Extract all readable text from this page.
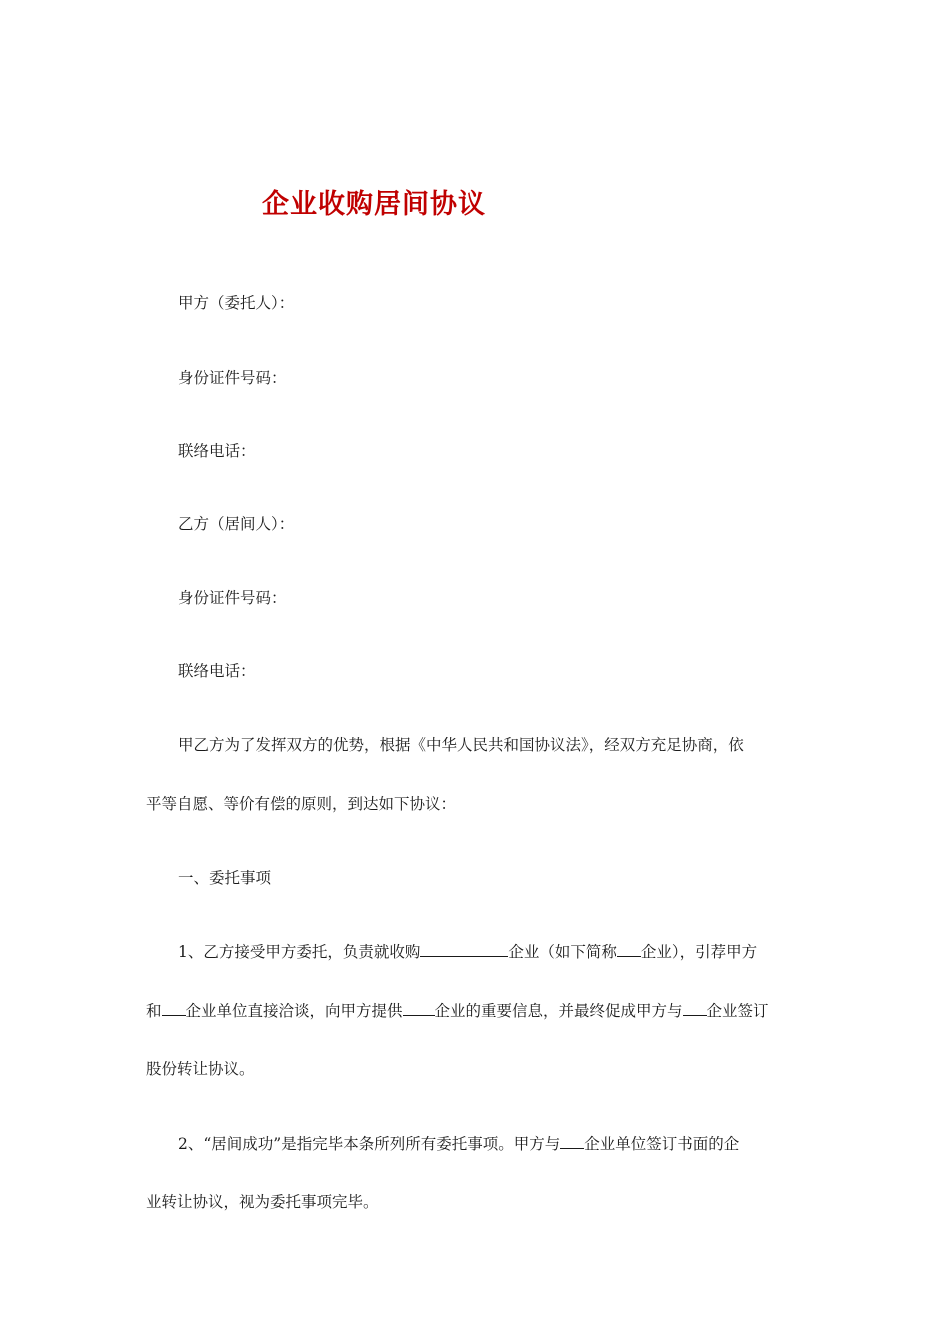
企业收购居间协议
甲方（委托人）：
身份证件号码：
联络电话：
乙方（居间人）：
身份证件号码：
联络电话：
甲乙方为了发挥双方的优势，根据《中华人民共和国协议法》，经双方充足协商，依
平等自愿、等价有偿的原则，到达如下协议：
一、委托事项
1、乙方接受甲方委托，负责就收购	企业（如下简称 企业），引荐甲方
和 企业单位直接洽谈，向甲方提供 企业的重要信息，并最终促成甲方与 企业签订
股份转让协议。
2、“居间成功”是指完毕本条所列所有委托事项。甲方与 企业单位签订书面的企
业转让协议，视为委托事项完毕。
